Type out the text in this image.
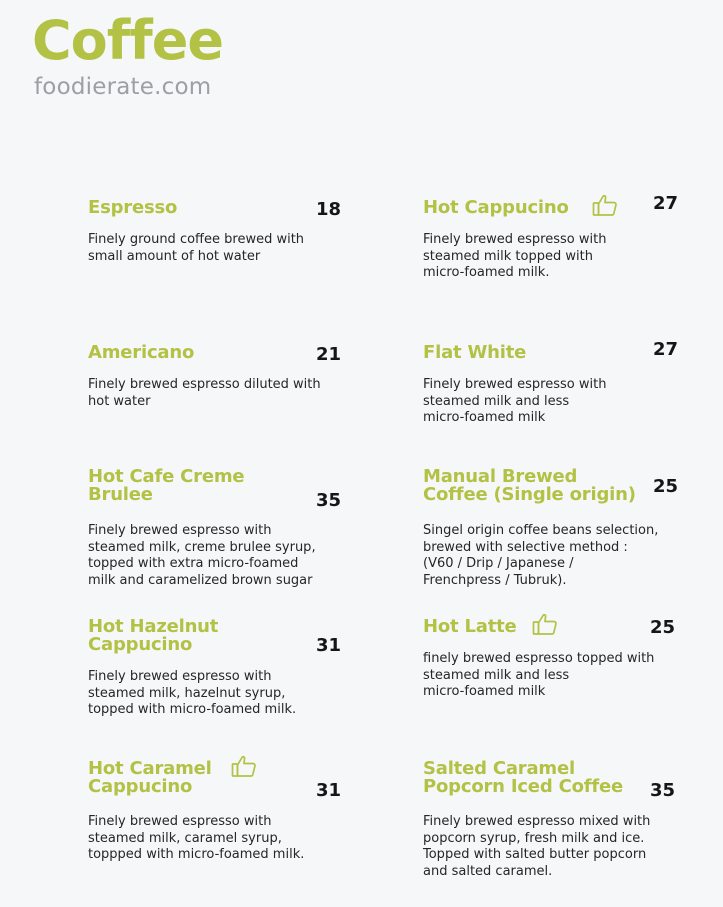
Coffee
foodierate.com
Espresso	18
Finely ground coffee brewed with
small amount of hot water
Americano	21
Finely brewed espresso diluted with
hot water
Hot Cafe Creme
Brulee	35
Finely brewed espresso with
steamed milk, creme brulee syrup,
topped with extra micro-foamed
milk and caramelized brown sugar
Hot Hazelnut
Cappucino	31
Finely brewed espresso with
steamed milk, hazelnut syrup,
topped with micro-foamed milk.
Hot Caramel
Cappucino	31
Finely brewed espresso with
steamed milk, caramel syrup,
toppped with micro-foamed milk.
Hot Cappucino	27
Finely brewed espresso with
steamed milk topped with
micro-foamed milk.
Flat White	27
Finely brewed espresso with
steamed milk and less
micro-foamed milk
Manual Brewed
Coffee (Single origin) 25
Singel origin coffee beans selection,
brewed with selective method :
(V60 / Drip / Japanese /
Frenchpress / Tubruk).
Hot Latte	25
finely brewed espresso topped with
steamed milk and less
micro-foamed milk
Salted Caramel
Popcorn Iced Coffee 35
Finely brewed espresso mixed with
popcorn syrup, fresh milk and ice.
Topped with salted butter popcorn
and salted caramel.
